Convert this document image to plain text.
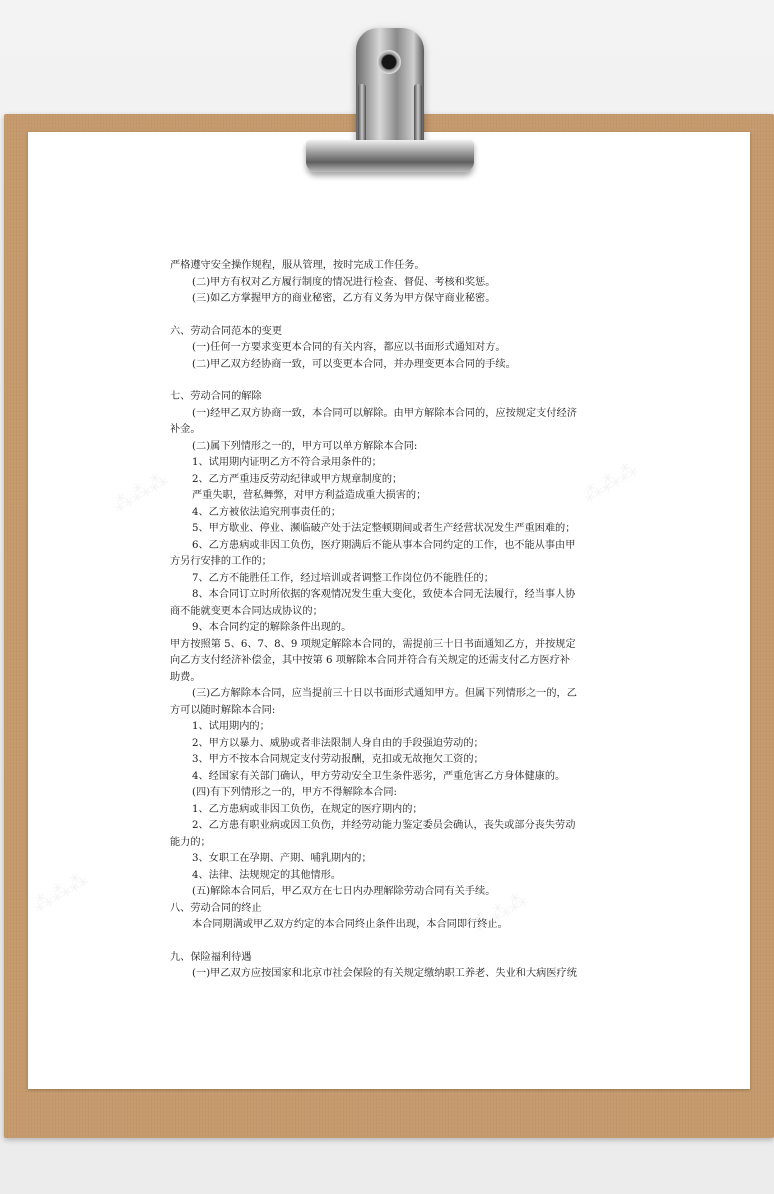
严格遵守安全操作规程，服从管理，按时完成工作任务。

(二)甲方有权对乙方履行制度的情况进行检查、督促、考核和奖惩。

(三)如乙方掌握甲方的商业秘密，乙方有义务为甲方保守商业秘密。

六、劳动合同范本的变更

(一)任何一方要求变更本合同的有关内容，都应以书面形式通知对方。

(二)甲乙双方经协商一致，可以变更本合同，并办理变更本合同的手续。

七、劳动合同的解除

(一)经甲乙双方协商一致，本合同可以解除。由甲方解除本合同的，应按规定支付经济

补金。

(二)属下列情形之一的，甲方可以单方解除本合同:

1、试用期内证明乙方不符合录用条件的；

2、乙方严重违反劳动纪律或甲方规章制度的；

严重失职，营私舞弊，对甲方利益造成重大损害的；

4、乙方被依法追究刑事责任的；

5、甲方歇业、停业、濒临破产处于法定整顿期间或者生产经营状况发生严重困难的；

6、乙方患病或非因工负伤，医疗期满后不能从事本合同约定的工作，也不能从事由甲

方另行安排的工作的；

7、乙方不能胜任工作，经过培训或者调整工作岗位仍不能胜任的；

8、本合同订立时所依据的客观情况发生重大变化，致使本合同无法履行，经当事人协

商不能就变更本合同达成协议的；

9、本合同约定的解除条件出现的。

甲方按照第 5、6、7、8、9 项规定解除本合同的，需提前三十日书面通知乙方，并按规定

向乙方支付经济补偿金，其中按第 6 项解除本合同并符合有关规定的还需支付乙方医疗补

助费。

(三)乙方解除本合同，应当提前三十日以书面形式通知甲方。但属下列情形之一的，乙

方可以随时解除本合同:

1、试用期内的；

2、甲方以暴力、威胁或者非法限制人身自由的手段强迫劳动的；

3、甲方不按本合同规定支付劳动报酬，克扣或无故拖欠工资的；

4、经国家有关部门确认，甲方劳动安全卫生条件恶劣，严重危害乙方身体健康的。

(四)有下列情形之一的，甲方不得解除本合同:

1、乙方患病或非因工负伤，在规定的医疗期内的；

2、乙方患有职业病或因工负伤，并经劳动能力鉴定委员会确认，丧失或部分丧失劳动

能力的；

3、女职工在孕期、产期、哺乳期内的；

4、法律、法规规定的其他情形。

(五)解除本合同后，甲乙双方在七日内办理解除劳动合同有关手续。

八、劳动合同的终止

本合同期满或甲乙双方约定的本合同终止条件出现，本合同即行终止。

九、保险福利待遇

(一)甲乙双方应按国家和北京市社会保险的有关规定缴纳职工养老、失业和大病医疗统
